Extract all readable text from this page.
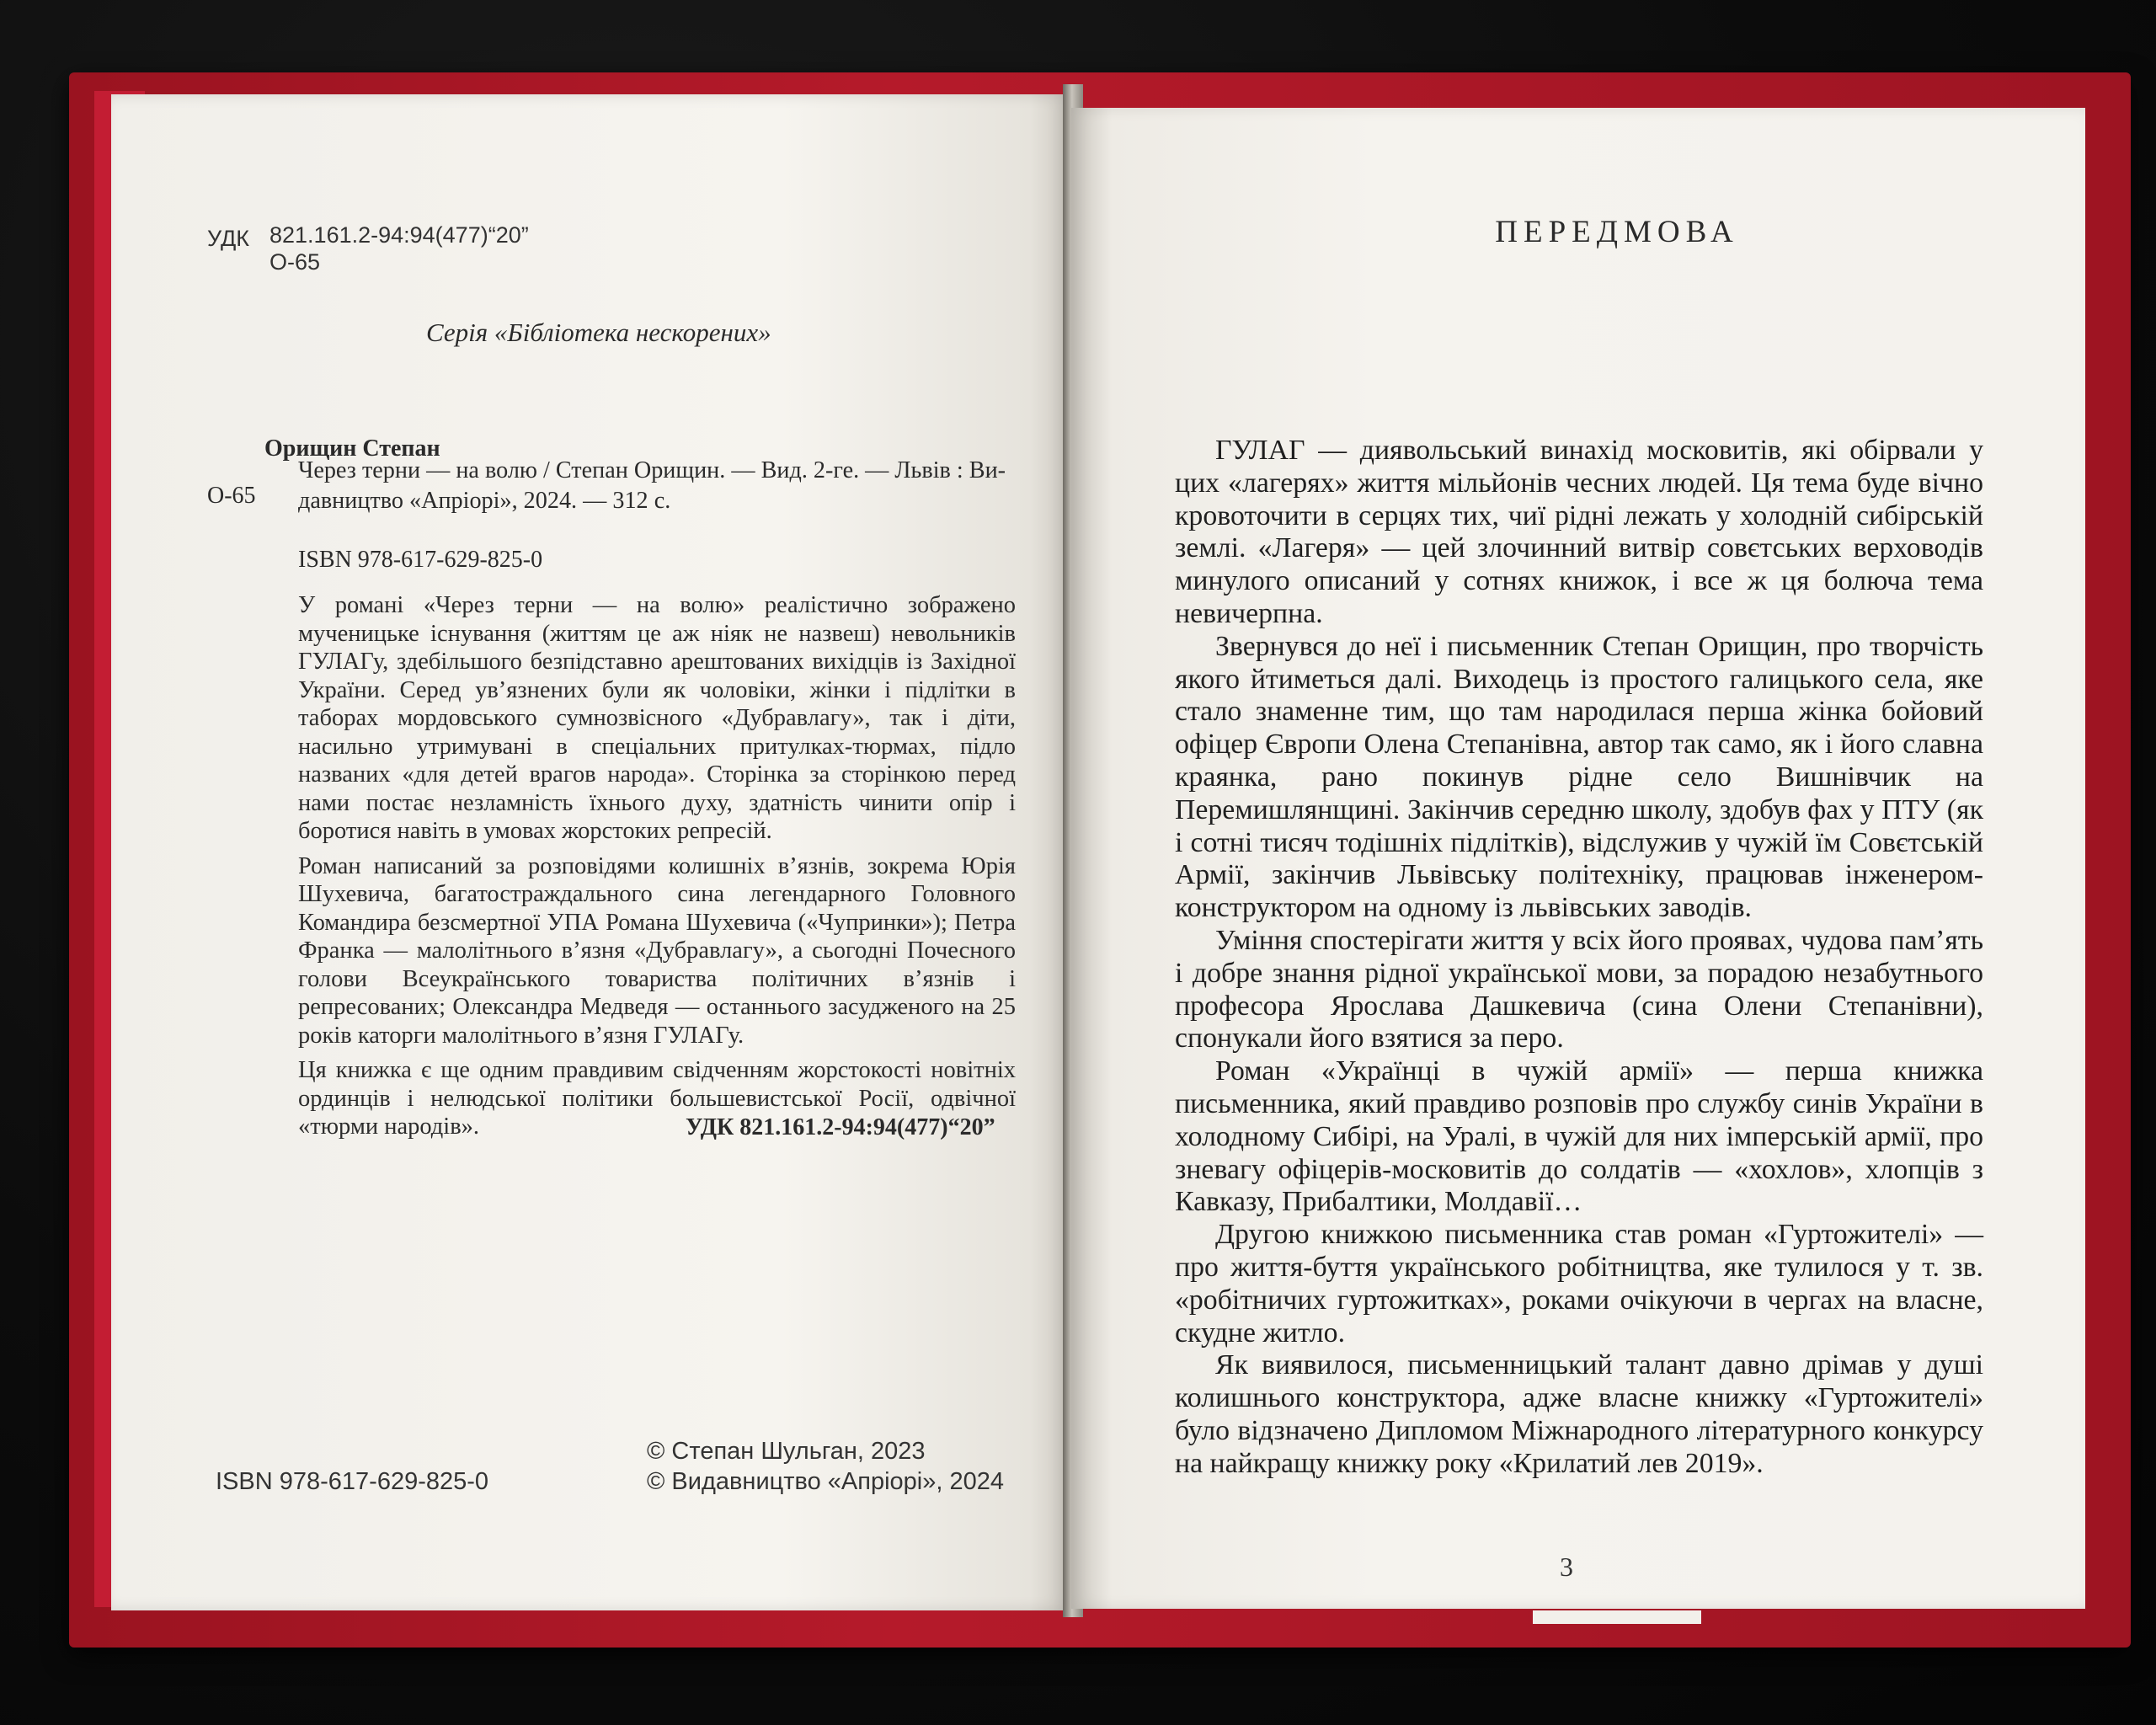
УДК 821.161.2-94:94(477)“20”
О-65
Серія «Бібліотека нескорених»
Орищин Степан
О-65
Через терни — на волю / Степан Орищин. — Вид. 2-ге. — Львів : Ви-
давництво «Апріорі», 2024. — 312 с.
ISBN 978-617-629-825-0

У романі «Через терни — на волю» реалістично зображено мученицьке існування (життям це аж ніяк не назвеш) невольників ГУЛАГу, здебільшого безпідставно арештованих вихідців із Західної України. Серед ув’язнених були як чоловіки, жінки і підлітки в таборах мордовського сумнозвісного «Дубравлагу», так і діти, насильно утримувані в спеціальних притулках-тюрмах, підло названих «для детей врагов народа». Сторінка за сторінкою перед нами постає незламність їхнього духу, здатність чинити опір і боротися навіть в умовах жорстоких репресій.

Роман написаний за розповідями колишніх в’язнів, зокрема Юрія Шухевича, багатостраждального сина легендарного Головного Командира безсмертної УПА Романа Шухевича («Чупринки»); Петра Франка — малолітнього в’язня «Дубравлагу», а сьогодні Почесного голови Всеукраїнського товариства політичних в’язнів і репресованих; Олександра Медведя — останнього засудженого на 25 років каторги малолітнього в’язня ГУЛАГу.

Ця книжка є ще одним правдивим свідченням жорстокості новітніх ординців і нелюдської політики большевистської Росії, одвічної «тюрми народів».	УДК 821.161.2-94:94(477)“20”
ISBN 978-617-629-825-0
© Степан Шульган, 2023
© Видавництво «Апріорі», 2024
ПЕРЕДМОВА

ГУЛАГ — диявольський винахід московитів, які обірвали у цих «лагерях» життя мільйонів чесних людей. Ця тема буде вічно кровоточити в серцях тих, чиї рідні лежать у холодній сибірській землі. «Лагеря» — цей злочинний витвір совєтських верховодів минулого описаний у сотнях книжок, і все ж ця болюча тема невичерпна.

Звернувся до неї і письменник Степан Орищин, про творчість якого йтиметься далі. Виходець із простого галицького села, яке стало знаменне тим, що там народилася перша жінка бойовий офіцер Європи Олена Степанівна, автор так само, як і його славна краянка, рано покинув рідне село Вишнівчик на Перемишлянщині. Закінчив середню школу, здобув фах у ПТУ (як і сотні тисяч тодішніх підлітків), відслужив у чужій їм Совєтській Армії, закінчив Львівську політехніку, працював інженером-конструктором на одному із львівських заводів.

Уміння спостерігати життя у всіх його проявах, чудова пам’ять і добре знання рідної української мови, за порадою незабутнього професора Ярослава Дашкевича (сина Олени Степанівни), спонукали його взятися за перо.

Роман «Українці в чужій армії» — перша книжка письменника, який правдиво розповів про службу синів України в холодному Сибірі, на Уралі, в чужій для них імперській армії, про зневагу офіцерів-московитів до солдатів — «хохлов», хлопців з Кавказу, Прибалтики, Молдавії…

Другою книжкою письменника став роман «Гуртожителі» — про життя-буття українського робітництва, яке тулилося у т. зв. «робітничих гуртожитках», роками очікуючи в чергах на власне, скудне житло.

Як виявилося, письменницький талант давно дрімав у душі колишнього конструктора, адже власне книжку «Гуртожителі» було відзначено Дипломом Міжнародного літературного конкурсу на найкращу книжку року «Крилатий лев 2019».

3
